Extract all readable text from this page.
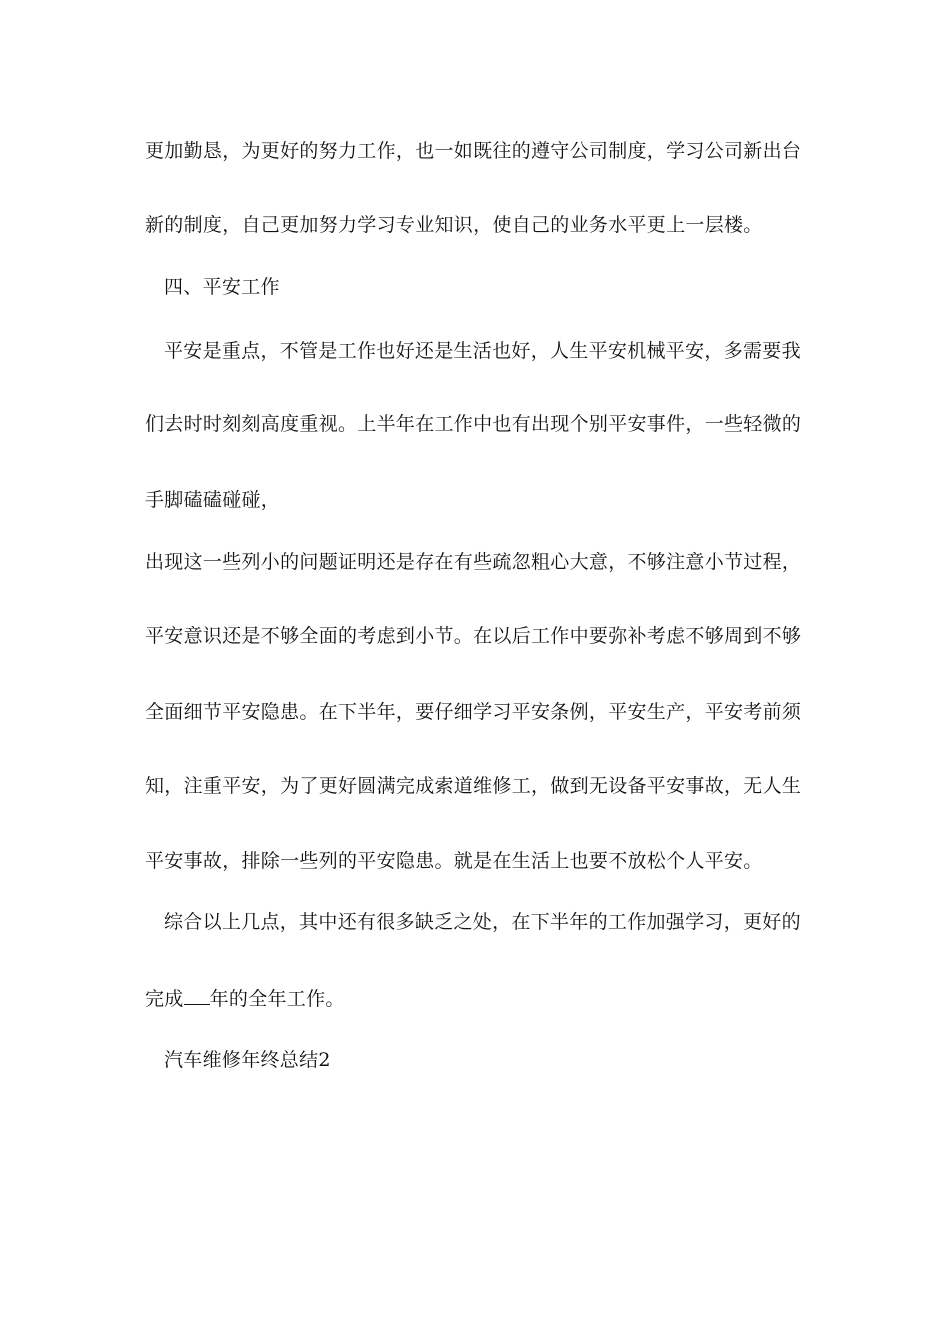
更加勤恳，为更好的努力工作，也一如既往的遵守公司制度，学习公司新出台
新的制度，自己更加努力学习专业知识，使自己的业务水平更上一层楼。
四、平安工作
平安是重点，不管是工作也好还是生活也好，人生平安机械平安，多需要我
们去时时刻刻高度重视。上半年在工作中也有出现个别平安事件，一些轻微的
手脚磕磕碰碰，
出现这一些列小的问题证明还是存在有些疏忽粗心大意，不够注意小节过程，
平安意识还是不够全面的考虑到小节。在以后工作中要弥补考虑不够周到不够
全面细节平安隐患。在下半年，要仔细学习平安条例，平安生产，平安考前须
知，注重平安，为了更好圆满完成索道维修工，做到无设备平安事故，无人生
平安事故，排除一些列的平安隐患。就是在生活上也要不放松个人平安。
综合以上几点，其中还有很多缺乏之处，在下半年的工作加强学习，更好的
完成 年的全年工作。
汽车维修年终总结2
